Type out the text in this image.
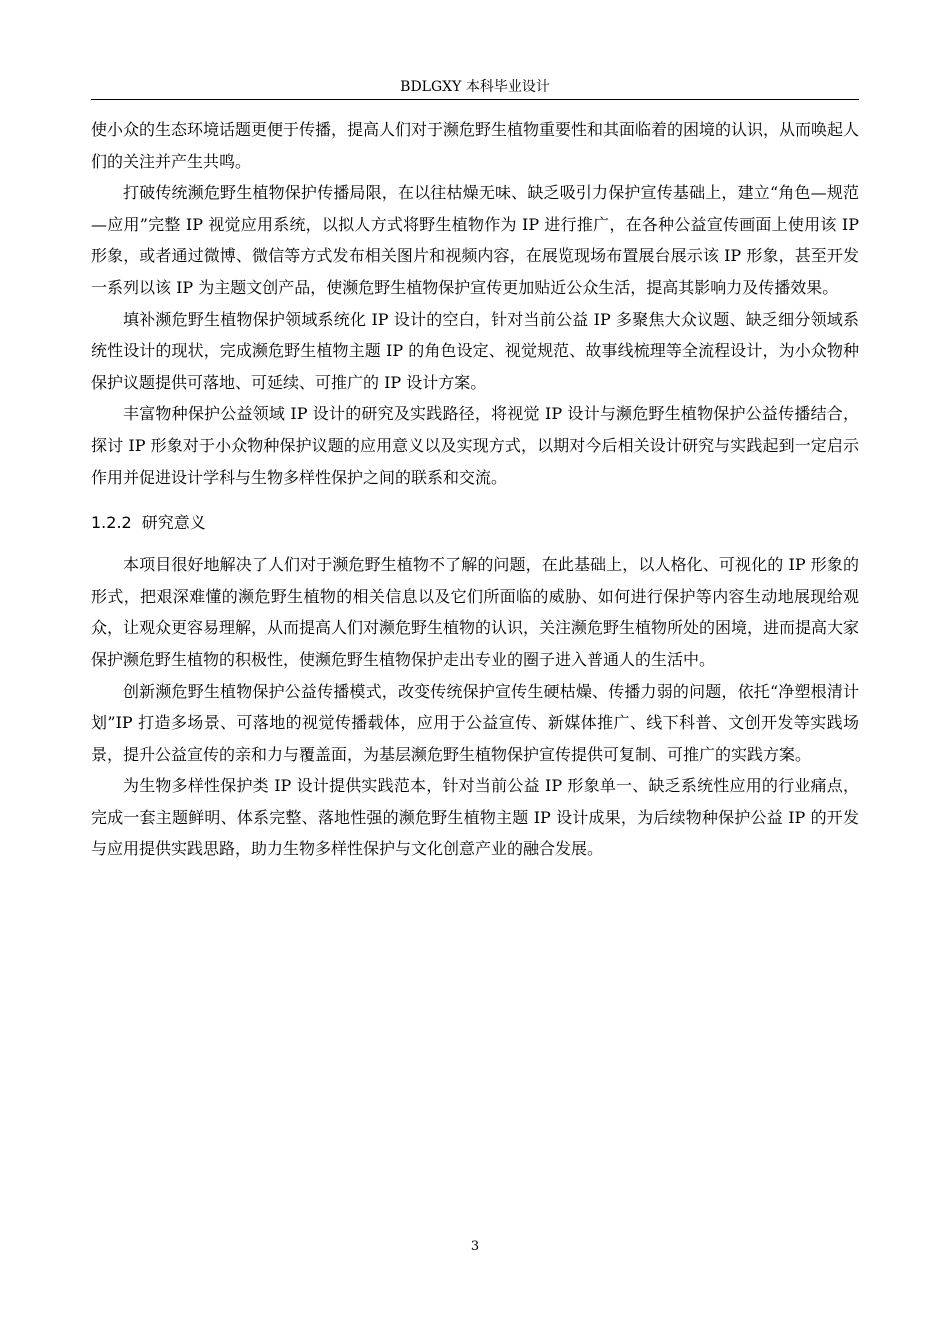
BDLGXY 本科毕业设计

使小众的生态环境话题更便于传播，提高人们对于濒危野生植物重要性和其面临着的困境的认识，从而唤起人们的关注并产生共鸣。

打破传统濒危野生植物保护传播局限，在以往枯燥无味、缺乏吸引力保护宣传基础上，建立“角色—规范—应用”完整 IP 视觉应用系统，以拟人方式将野生植物作为 IP 进行推广，在各种公益宣传画面上使用该 IP 形象，或者通过微博、微信等方式发布相关图片和视频内容，在展览现场布置展台展示该 IP 形象，甚至开发一系列以该 IP 为主题文创产品，使濒危野生植物保护宣传更加贴近公众生活，提高其影响力及传播效果。

填补濒危野生植物保护领域系统化 IP 设计的空白，针对当前公益 IP 多聚焦大众议题、缺乏细分领域系统性设计的现状，完成濒危野生植物主题 IP 的角色设定、视觉规范、故事线梳理等全流程设计，为小众物种保护议题提供可落地、可延续、可推广的 IP 设计方案。

丰富物种保护公益领域 IP 设计的研究及实践路径，将视觉 IP 设计与濒危野生植物保护公益传播结合，探讨 IP 形象对于小众物种保护议题的应用意义以及实现方式，以期对今后相关设计研究与实践起到一定启示作用并促进设计学科与生物多样性保护之间的联系和交流。

1.2.2 研究意义

本项目很好地解决了人们对于濒危野生植物不了解的问题，在此基础上，以人格化、可视化的 IP 形象的形式，把艰深难懂的濒危野生植物的相关信息以及它们所面临的威胁、如何进行保护等内容生动地展现给观众，让观众更容易理解，从而提高人们对濒危野生植物的认识，关注濒危野生植物所处的困境，进而提高大家保护濒危野生植物的积极性，使濒危野生植物保护走出专业的圈子进入普通人的生活中。

创新濒危野生植物保护公益传播模式，改变传统保护宣传生硬枯燥、传播力弱的问题，依托“净塑根清计划”IP 打造多场景、可落地的视觉传播载体，应用于公益宣传、新媒体推广、线下科普、文创开发等实践场景，提升公益宣传的亲和力与覆盖面，为基层濒危野生植物保护宣传提供可复制、可推广的实践方案。

为生物多样性保护类 IP 设计提供实践范本，针对当前公益 IP 形象单一、缺乏系统性应用的行业痛点，完成一套主题鲜明、体系完整、落地性强的濒危野生植物主题 IP 设计成果，为后续物种保护公益 IP 的开发与应用提供实践思路，助力生物多样性保护与文化创意产业的融合发展。

3
